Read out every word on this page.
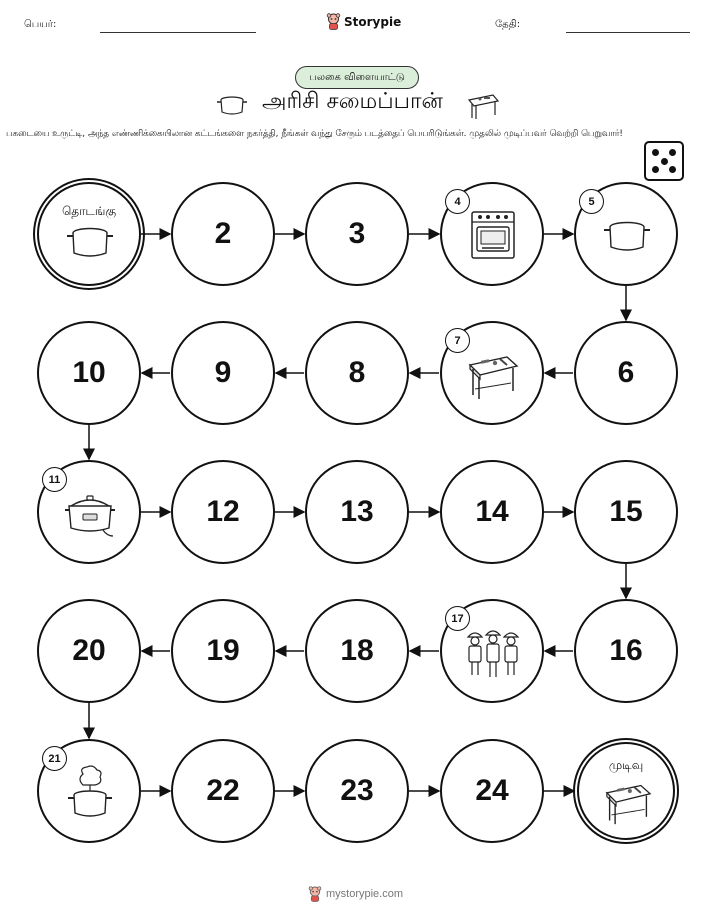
பெயர்:	Storypie	தேதி:
பலகை விளையாட்டு
அரிசி சமைப்பான்
பகடையை உருட்டி, அந்த எண்ணிக்கையிலான கட்டங்களை நகர்த்தி, நீங்கள் வந்து சேரும் படத்தைப் பெயரிடுங்கள். முதலில் முடிப்பவர் வெற்றி பெறுவார்!
தொடங்கு
2	3
4	5
10	9	8
7
6
11
12	13	14	15
20	19	18
17
16
21
22	23	24
முடிவு
mystorypie.com
